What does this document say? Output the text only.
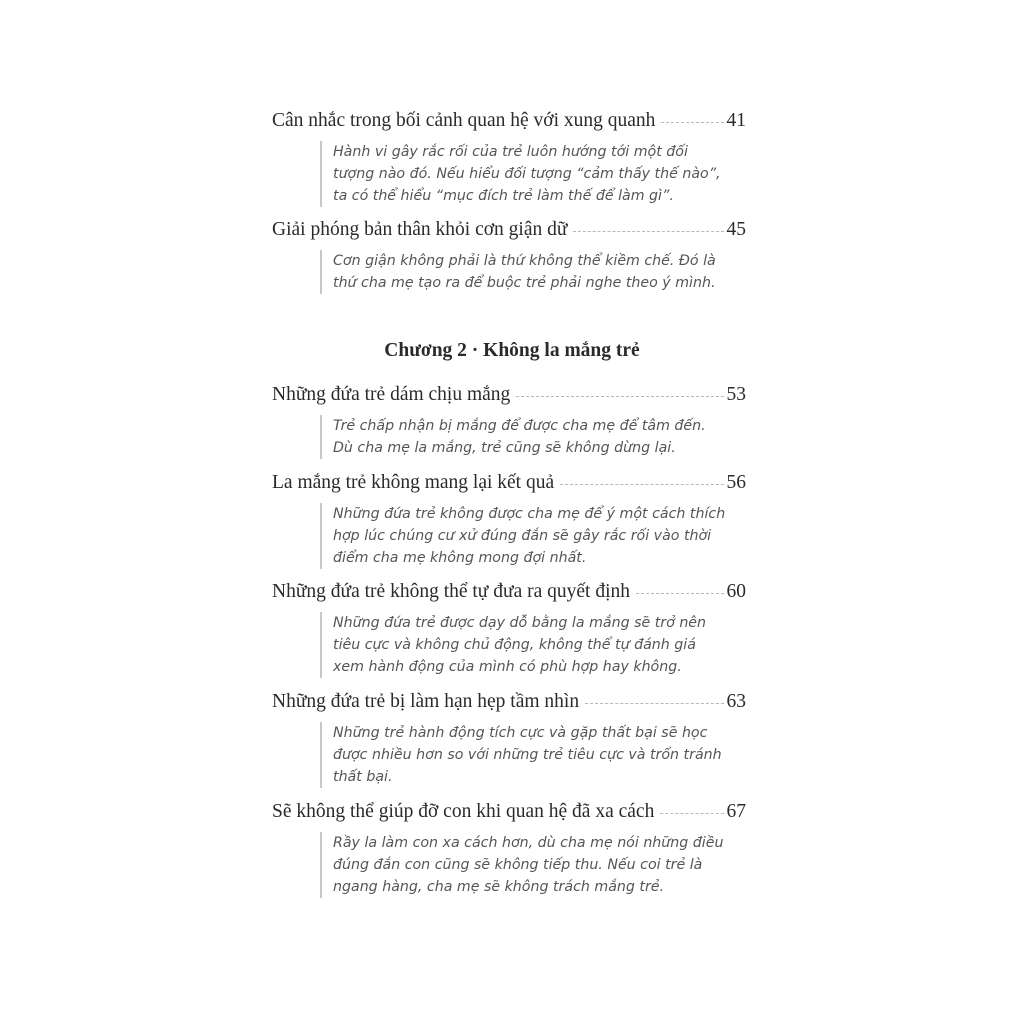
Cân nhắc trong bối cảnh quan hệ với xung quanh	41
Hành vi gây rắc rối của trẻ luôn hướng tới một đối
tượng nào đó. Nếu hiểu đối tượng “cảm thấy thế nào”,
ta có thể hiểu “mục đích trẻ làm thế để làm gì”.
Giải phóng bản thân khỏi cơn giận dữ	45
Cơn giận không phải là thứ không thể kiềm chế. Đó là
thứ cha mẹ tạo ra để buộc trẻ phải nghe theo ý mình.
Chương 2 · Không la mắng trẻ
Những đứa trẻ dám chịu mắng	53
Trẻ chấp nhận bị mắng để được cha mẹ để tâm đến.
Dù cha mẹ la mắng, trẻ cũng sẽ không dừng lại.
La mắng trẻ không mang lại kết quả	56
Những đứa trẻ không được cha mẹ để ý một cách thích
hợp lúc chúng cư xử đúng đắn sẽ gây rắc rối vào thời
điểm cha mẹ không mong đợi nhất.
Những đứa trẻ không thể tự đưa ra quyết định	60
Những đứa trẻ được dạy dỗ bằng la mắng sẽ trở nên
tiêu cực và không chủ động, không thể tự đánh giá
xem hành động của mình có phù hợp hay không.
Những đứa trẻ bị làm hạn hẹp tầm nhìn	63
Những trẻ hành động tích cực và gặp thất bại sẽ học
được nhiều hơn so với những trẻ tiêu cực và trốn tránh
thất bại.
Sẽ không thể giúp đỡ con khi quan hệ đã xa cách	67
Rầy la làm con xa cách hơn, dù cha mẹ nói những điều
đúng đắn con cũng sẽ không tiếp thu. Nếu coi trẻ là
ngang hàng, cha mẹ sẽ không trách mắng trẻ.
